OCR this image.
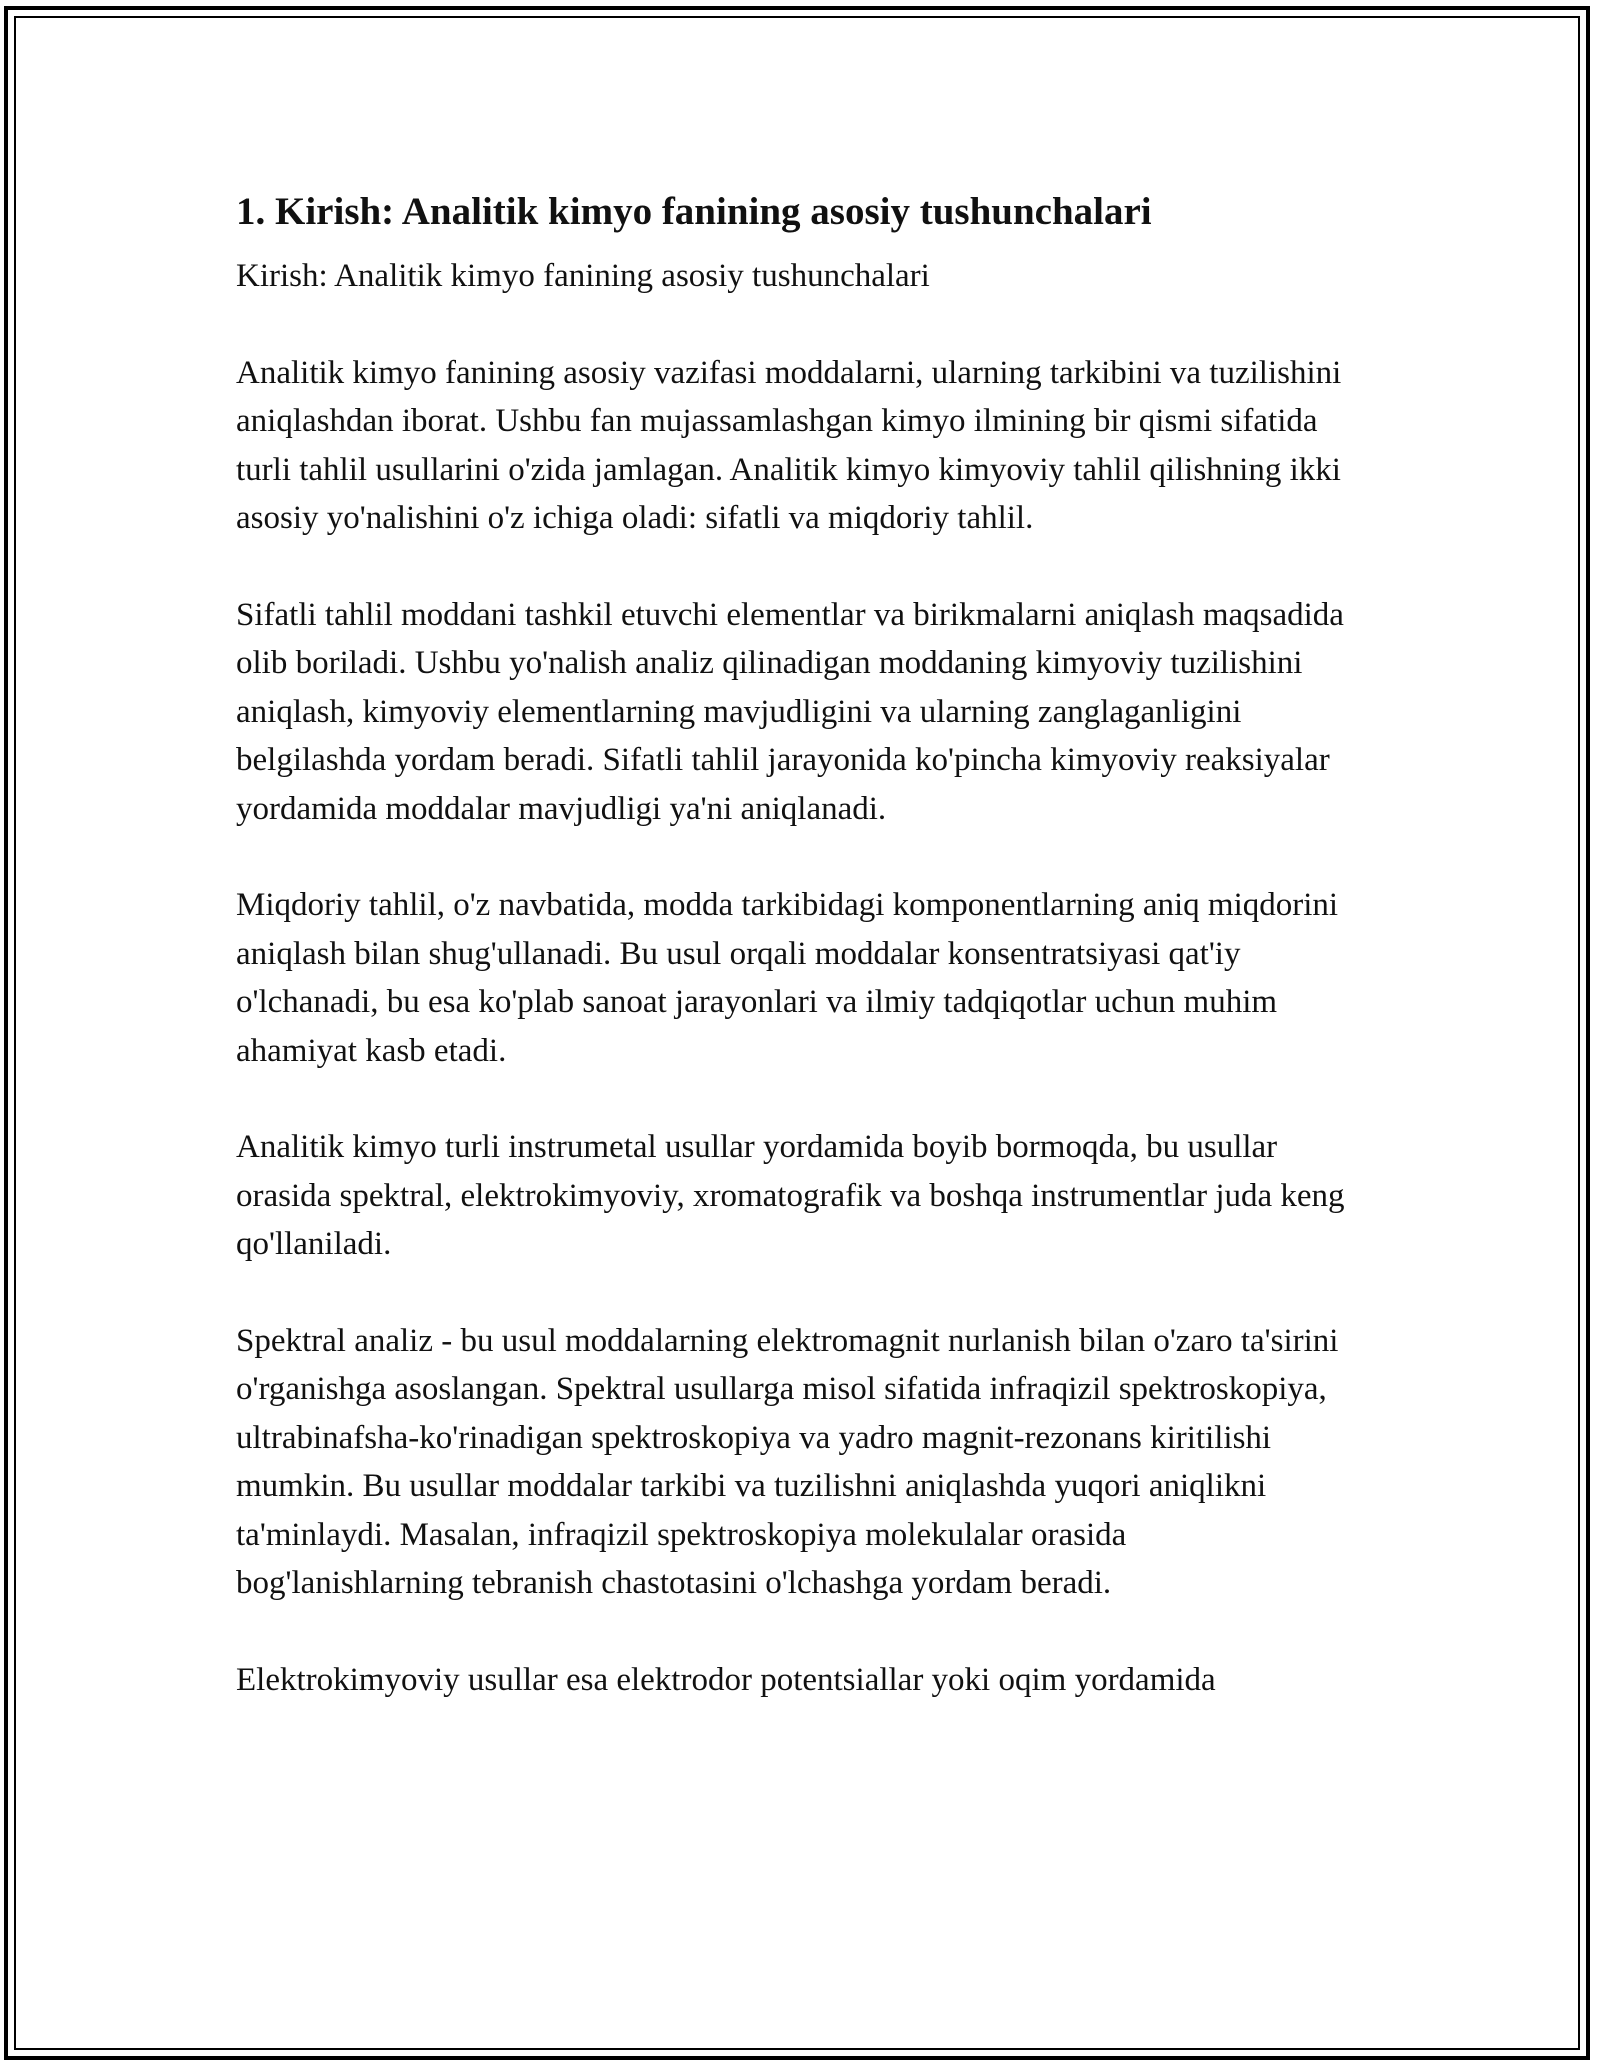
1. Kirish: Analitik kimyo fanining asosiy tushunchalari

Kirish: Analitik kimyo fanining asosiy tushunchalari

Analitik kimyo fanining asosiy vazifasi moddalarni, ularning tarkibini va tuzilishini aniqlashdan iborat. Ushbu fan mujassamlashgan kimyo ilmining bir qismi sifatida turli tahlil usullarini o'zida jamlagan. Analitik kimyo kimyoviy tahlil qilishning ikki asosiy yo'nalishini o'z ichiga oladi: sifatli va miqdoriy tahlil.

Sifatli tahlil moddani tashkil etuvchi elementlar va birikmalarni aniqlash maqsadida olib boriladi. Ushbu yo'nalish analiz qilinadigan moddaning kimyoviy tuzilishini aniqlash, kimyoviy elementlarning mavjudligini va ularning zanglaganligini belgilashda yordam beradi. Sifatli tahlil jarayonida ko'pincha kimyoviy reaksiyalar yordamida moddalar mavjudligi ya'ni aniqlanadi.

Miqdoriy tahlil, o'z navbatida, modda tarkibidagi komponentlarning aniq miqdorini aniqlash bilan shug'ullanadi. Bu usul orqali moddalar konsentratsiyasi qat'iy o'lchanadi, bu esa ko'plab sanoat jarayonlari va ilmiy tadqiqotlar uchun muhim ahamiyat kasb etadi.

Analitik kimyo turli instrumetal usullar yordamida boyib bormoqda, bu usullar orasida spektral, elektrokimyoviy, xromatografik va boshqa instrumentlar juda keng qo'llaniladi.

Spektral analiz - bu usul moddalarning elektromagnit nurlanish bilan o'zaro ta'sirini o'rganishga asoslangan. Spektral usullarga misol sifatida infraqizil spektroskopiya, ultrabinafsha-ko'rinadigan spektroskopiya va yadro magnit-rezonans kiritilishi mumkin. Bu usullar moddalar tarkibi va tuzilishni aniqlashda yuqori aniqlikni ta'minlaydi. Masalan, infraqizil spektroskopiya molekulalar orasida bog'lanishlarning tebranish chastotasini o'lchashga yordam beradi.

Elektrokimyoviy usullar esa elektrodor potentsiallar yoki oqim yordamida
